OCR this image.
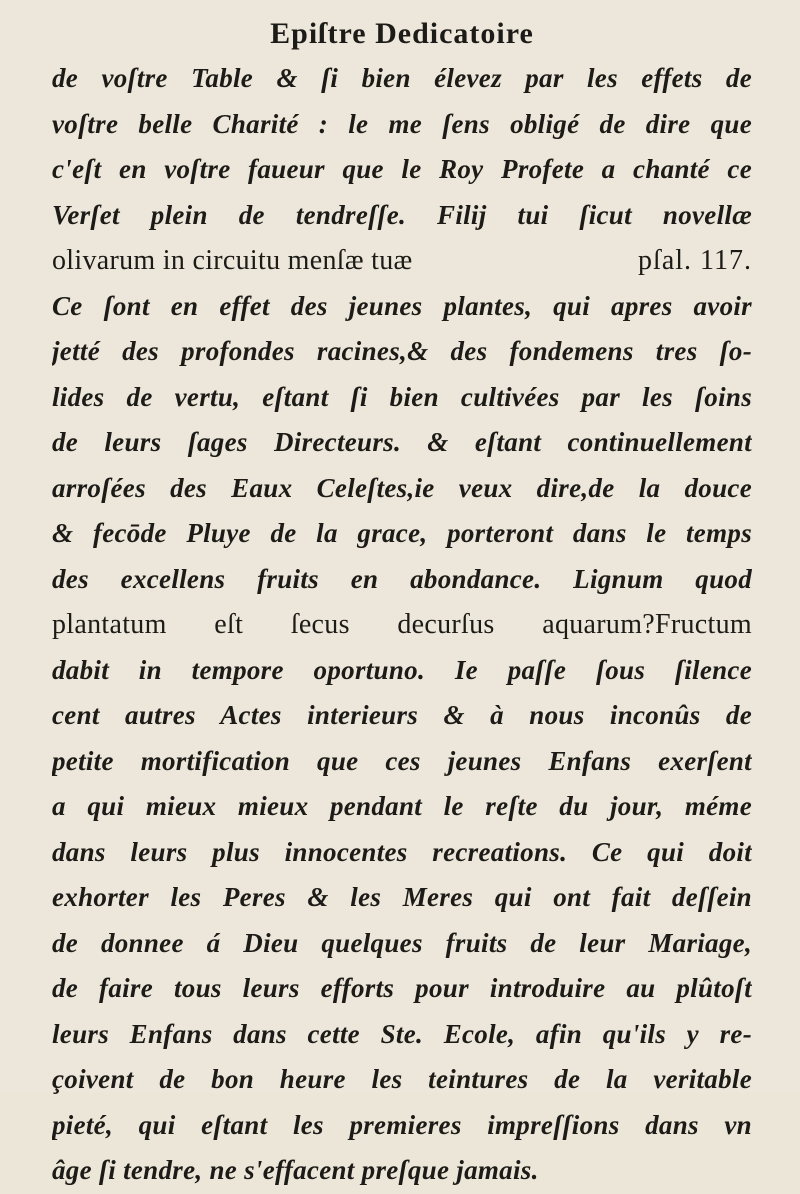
Epiſtre Dedicatoire
de voſtre Table & ſi bien élevez par les effets de
voſtre belle Charité : le me ſens obligé de dire que
c'eſt en voſtre faueur que le Roy Profete a chanté ce
Verſet plein de tendreſſe. Filij tui ſicut novellæ
olivarum in circuitu menſæ tuæ	pſal. 117.
Ce ſont en effet des jeunes plantes, qui apres avoir
jetté des profondes racines,& des fondemens tres ſo-
lides de vertu, eſtant ſi bien cultivées par les ſoins
de leurs ſages Directeurs. & eſtant continuellement
arroſées des Eaux Celeſtes,ie veux dire,de la douce
& fecōde Pluye de la grace, porteront dans le temps
des excellens fruits en abondance. Lignum quod
plantatum eſt ſecus decurſus aquarum?Fructum
dabit in tempore oportuno. Ie paſſe ſous ſilence
cent autres Actes interieurs & à nous inconûs de
petite mortification que ces jeunes Enfans exerſent
a qui mieux mieux pendant le reſte du jour, méme
dans leurs plus innocentes recreations. Ce qui doit
exhorter les Peres & les Meres qui ont fait deſſein
de donnee á Dieu quelques fruits de leur Mariage,
de faire tous leurs efforts pour introduire au plûtoſt
leurs Enfans dans cette Ste. Ecole, afin qu'ils y re-
çoivent de bon heure les teintures de la veritable
pieté, qui eſtant les premieres impreſſions dans vn
âge ſi tendre, ne s'effacent preſque jamais.
